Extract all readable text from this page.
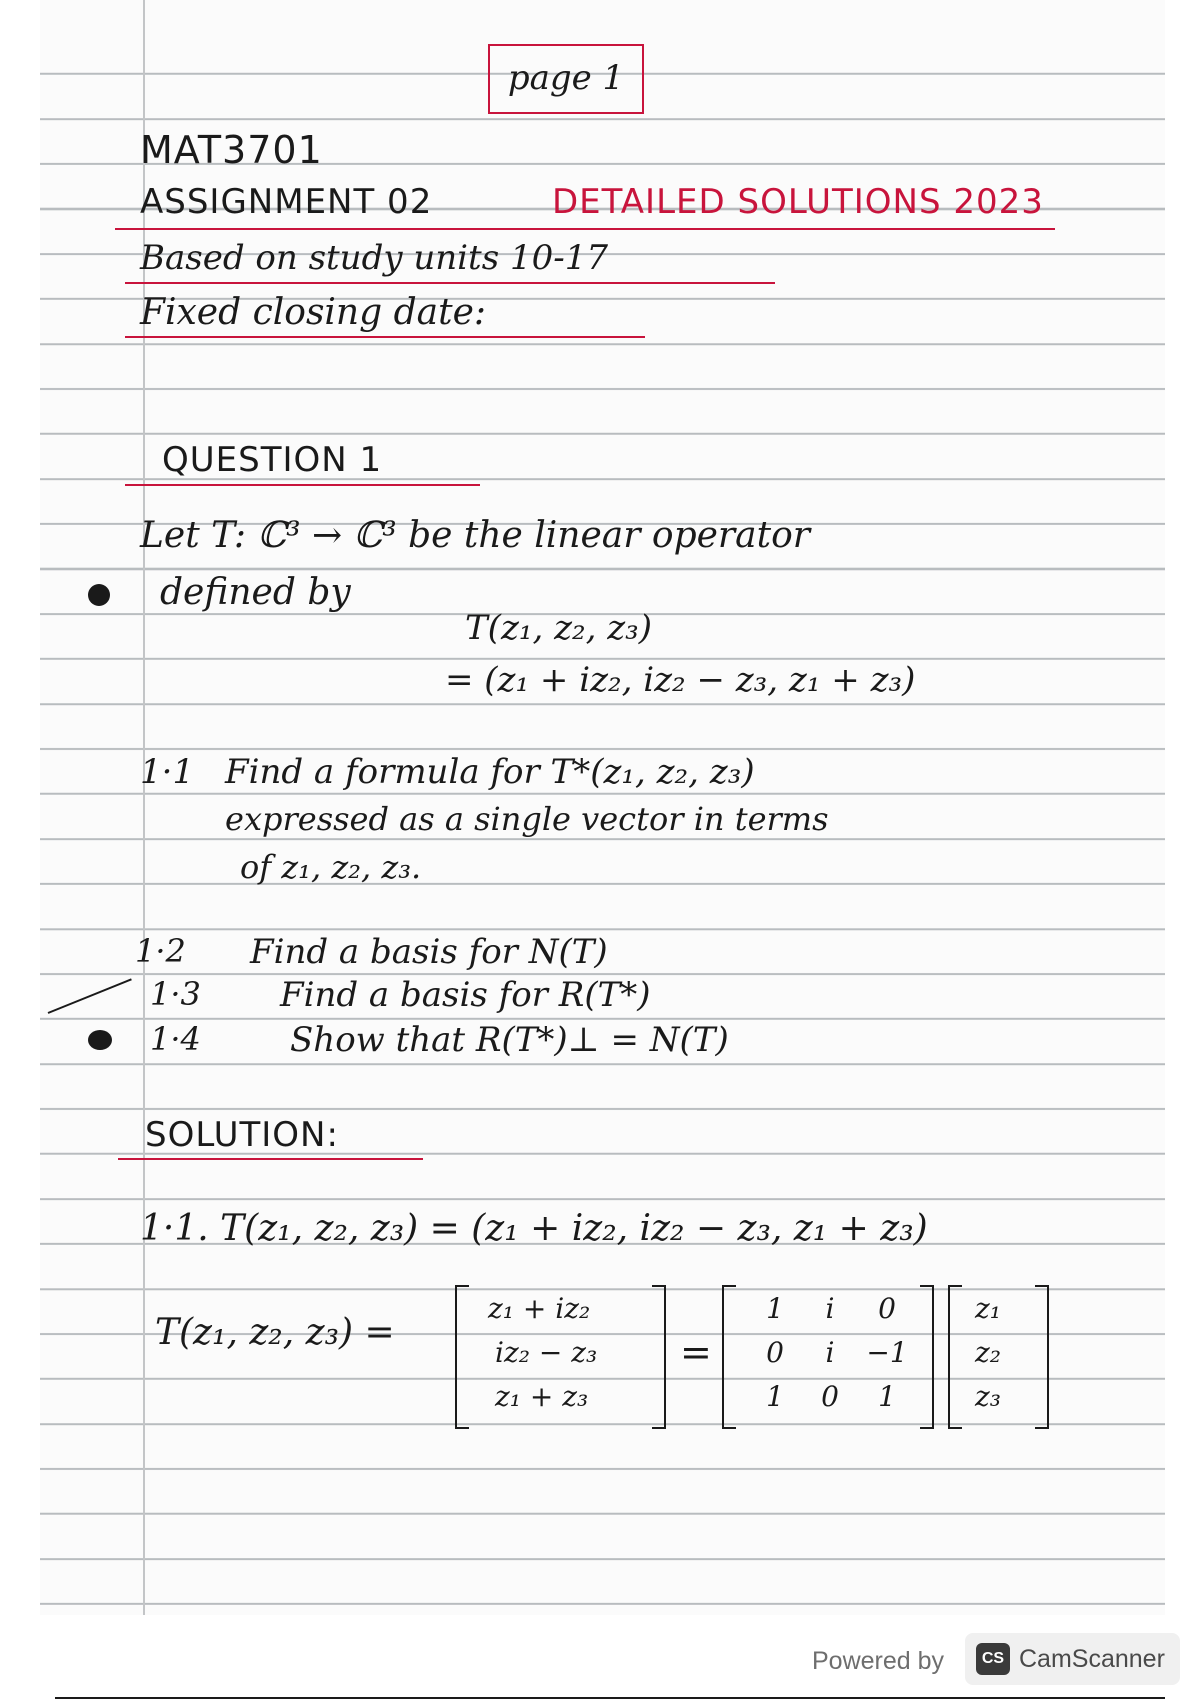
page 1
MAT3701
ASSIGNMENT 02	DETAILED SOLUTIONS 2023
Based on study units 10-17
Fixed closing date:
QUESTION 1
Let T: ℂ³ → ℂ³ be the linear operator
defined by
T(z₁, z₂, z₃)
= (z₁ + iz₂, iz₂ − z₃, z₁ + z₃)
1·1 Find a formula for T*(z₁, z₂, z₃)
expressed as a single vector in terms
of z₁, z₂, z₃.
1·2 Find a basis for N(T)
1·3 Find a basis for R(T*)
1·4	Show that R(T*)⊥ = N(T)
SOLUTION:
1·1. T(z₁, z₂, z₃) = (z₁ + iz₂, iz₂ − z₃, z₁ + z₃)
T(z₁, z₂, z₃) =
z₁ + iz₂
iz₂ − z₃
z₁ + z₃
=
1	i	0
0	i	−1
1	0	1
z₁
z₂
z₃
Powered by	CS CamScanner
